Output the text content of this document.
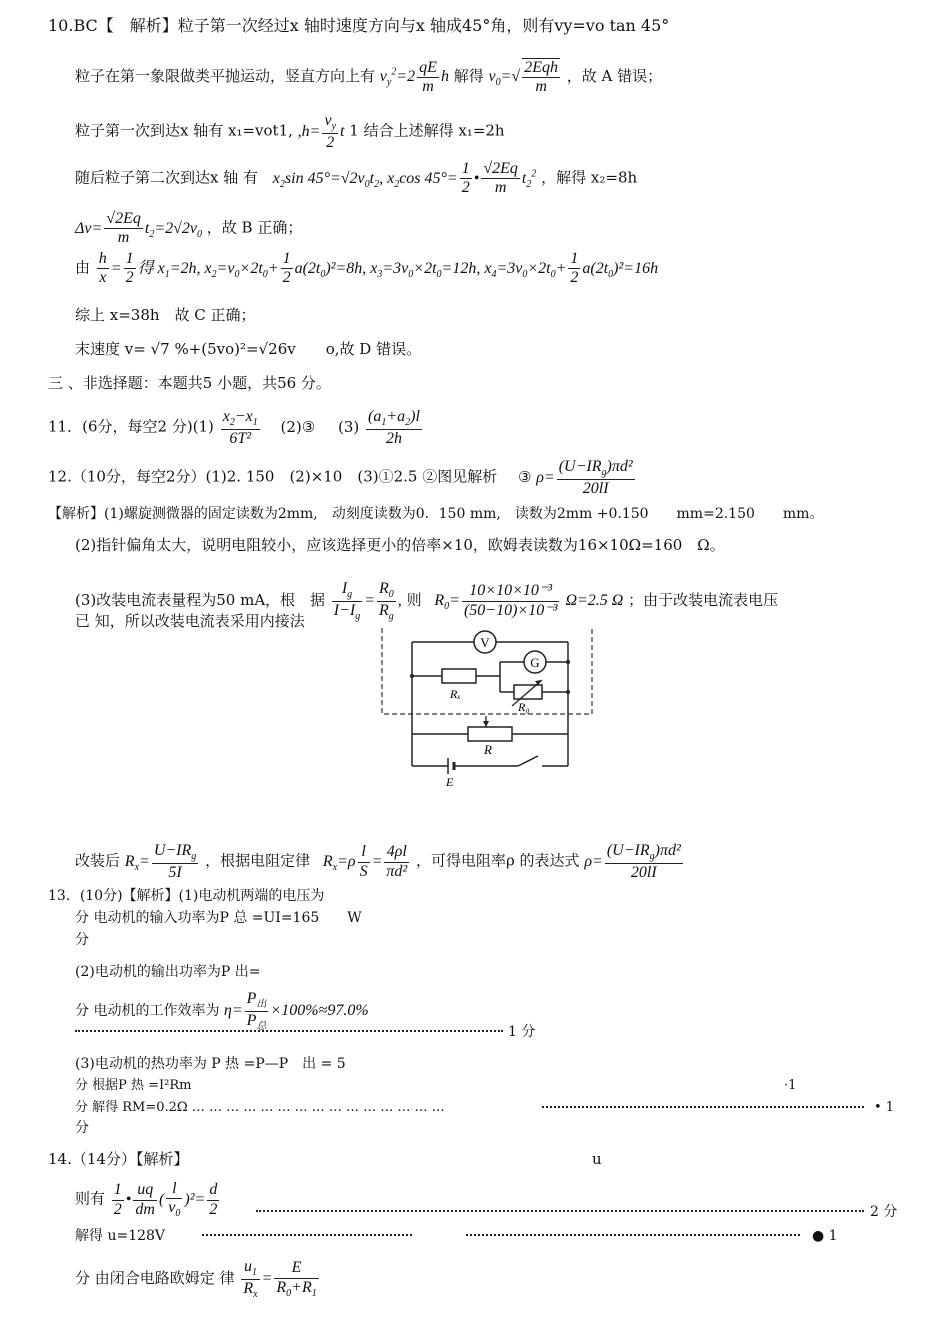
10.BC【　解析】粒子第一次经过x 轴时速度方向与x 轴成45°角，则有vy=vo tan 45°
粒子在第一象限做类平抛运动，竖直方向上有 $v_y^2=2 \frac{qE}{m}$ h 解得 $v_0=√ \frac{\text{2Eqh}}{m}$ ，故 A 错误；
粒子第一次到达x 轴有 x₁=vot1, $,h= \frac{v_y}{2}$ t 1 结合上述解得 x₁=2h
随后粒子第二次到达x 轴 有 $x_2\sin$ $45^\circ=√2v_0t_2$, $x_2\cos$ $45^\circ= \frac{1}{2}$ • $\frac{√2Eq}{m} t_2^2$ ，解得 x₂=8h
$\Delta v= \frac{√2Eq}{m} t_2=2√2v_0$ ，故 B 正确；
由 $\frac{h}{x} = \frac{1}{2}$ 得 $x_1=2h$, $x_2=v_0\times 2t_0+ \frac{1}{2} a(2t_0)^2=8h$, $x_3=3v_0\times 2t_0=12h$, $x_4=3v_0\times 2t_0+ \frac{1}{2} a(2t_0)^2=16h$
综上 x=38h　故 C 正确；
末速度 v= √7 %+(5vo)²=√26v　　o,故 D 错误。
三 、非选择题：本题共5 小题，共56 分。
11．(6分，每空2 分)$(1) \frac{x_2-x_1}{\text{6T²}}$ (2)③ $(3) \frac{(a_1+a_2)l}{2h}$
12.（10分，每空2分）(1)2. 150　(2)×10　(3)①2.5 ②图见解析 ③ $\rho= \frac{(U-IR_g)\pi d^2}{20lI}$
【解析】(1)螺旋测微器的固定读数为2mm,　动刻度读数为0．150 mm,　读数为2mm +0.150　　mm=2.150　　mm。
(2)指针偏角太大，说明电阻较小，应该选择更小的倍率×10，欧姆表读数为16×10Ω=160　Ω。
(3)改装电流表量程为50 mA，根 据 $\frac{I_g}{I-I_g} = \frac{R_0}{R_g}$ , 则 $R_0= \frac{\text{10×10×10⁻³}}{\text{(50−10)×10⁻³}} \Omega=2.5$ Ω ；由于改装电流表电压
已 知，所以改装电流表采用内接法
V
Rₓ
G
R₀
R
E
改装后 $R_x= \frac{U-IR_g}{5I}$ ，根据电阻定律 $R_x=\rho \frac{l}{S} = \frac{4\rho l}{\text{πd²}}$ ，可得电阻率ρ 的表达式 $\rho= \frac{(U-IR_g)\pi d^2}{20lI}$
13．(10分)【解析】(1)电动机两端的电压为
分 电动机的输入功率为P 总 =UI=165　　W
分
(2)电动机的输出功率为P 出=
分 电动机的工作效率为 $\eta= \frac{P_出}{P_总} \times 100\%\approx 97.0\%$
1 分
(3)电动机的热功率为 P 热 =P—P　出 = 5
分 根据P 热 =I²Rm	·1
分 解得 RM=0.2Ω … … … … … … … … … … … … … … …	• 1
分
14.（14分）【解析】	u
则有 $\frac{1}{2}$ • $\frac{uq}{dm}$ ( $\frac{l}{v_0} )^2= \frac{d}{2}$	2 分
解得 u=128V	● 1
分 由闭合电路欧姆定 律 $\frac{u_1}{R_x} = \frac{E}{R_0+R_1}$
